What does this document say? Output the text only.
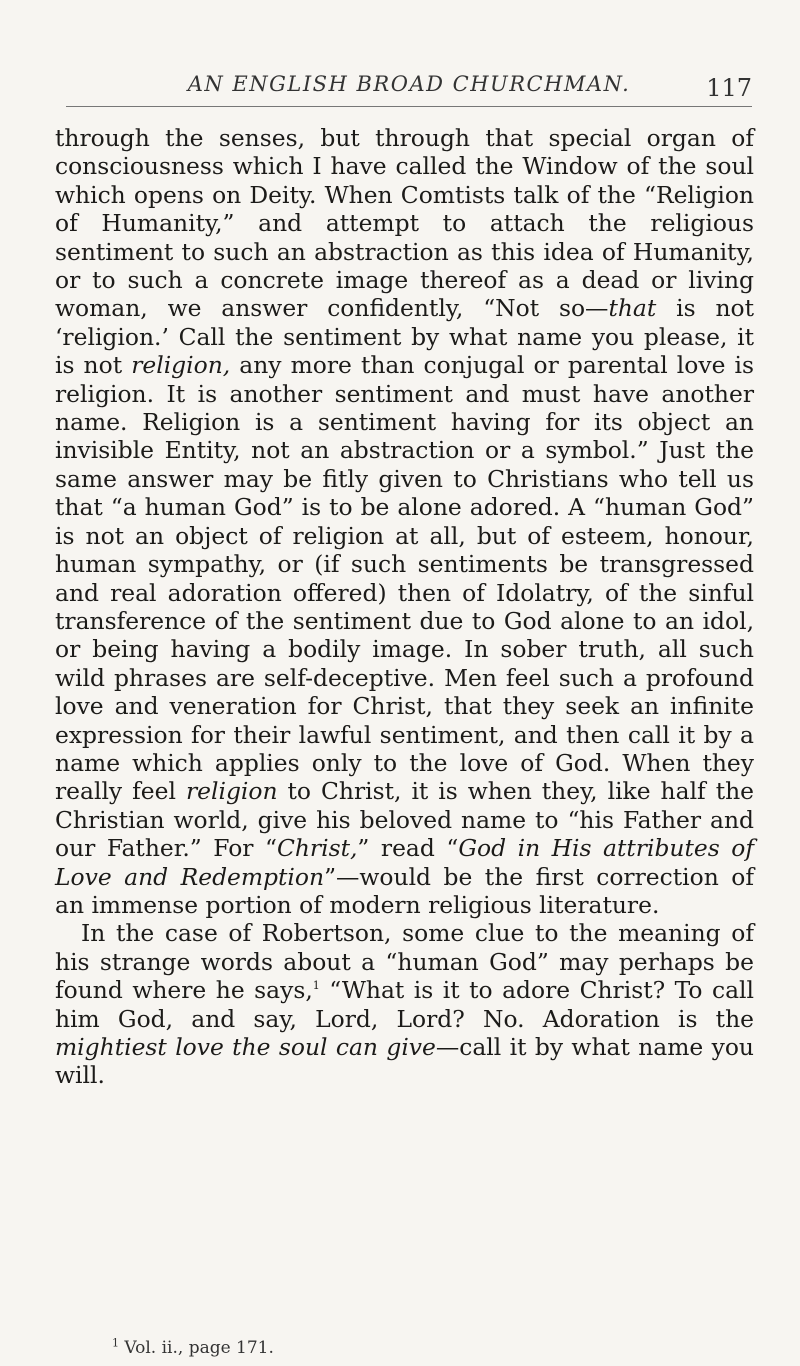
AN ENGLISH BROAD CHURCHMAN.	117

through the senses, but through that special organ of consciousness which I have called the Window of the soul which opens on Deity. When Comtists talk of the “Religion of Humanity,” and attempt to attach the religious sentiment to such an abstraction as this idea of Humanity, or to such a concrete image thereof as a dead or living woman, we answer confidently, “Not so—that is not ‘religion.’ Call the sentiment by what name you please, it is not religion, any more than conjugal or parental love is religion. It is another sentiment and must have another name. Religion is a sentiment having for its object an invisible Entity, not an abstraction or a symbol.” Just the same answer may be fitly given to Christians who tell us that “a human God” is to be alone adored. A “human God” is not an object of religion at all, but of esteem, honour, human sympathy, or (if such sentiments be transgressed and real adoration offered) then of Idolatry, of the sinful transference of the sentiment due to God alone to an idol, or being having a bodily image. In sober truth, all such wild phrases are self-deceptive. Men feel such a profound love and veneration for Christ, that they seek an infinite expression for their lawful sentiment, and then call it by a name which applies only to the love of God. When they really feel religion to Christ, it is when they, like half the Christian world, give his beloved name to “his Father and our Father.” For “Christ,” read “God in His attributes of Love and Redemption”—would be the first correction of an immense portion of modern religious literature.

In the case of Robertson, some clue to the meaning of his strange words about a “human God” may perhaps be found where he says,$^1$ “What is it to adore Christ? To call him God, and say, Lord, Lord? No. Adoration is the mightiest love the soul can give—call it by what name you will.

$^1$ Vol. ii., page 171.
